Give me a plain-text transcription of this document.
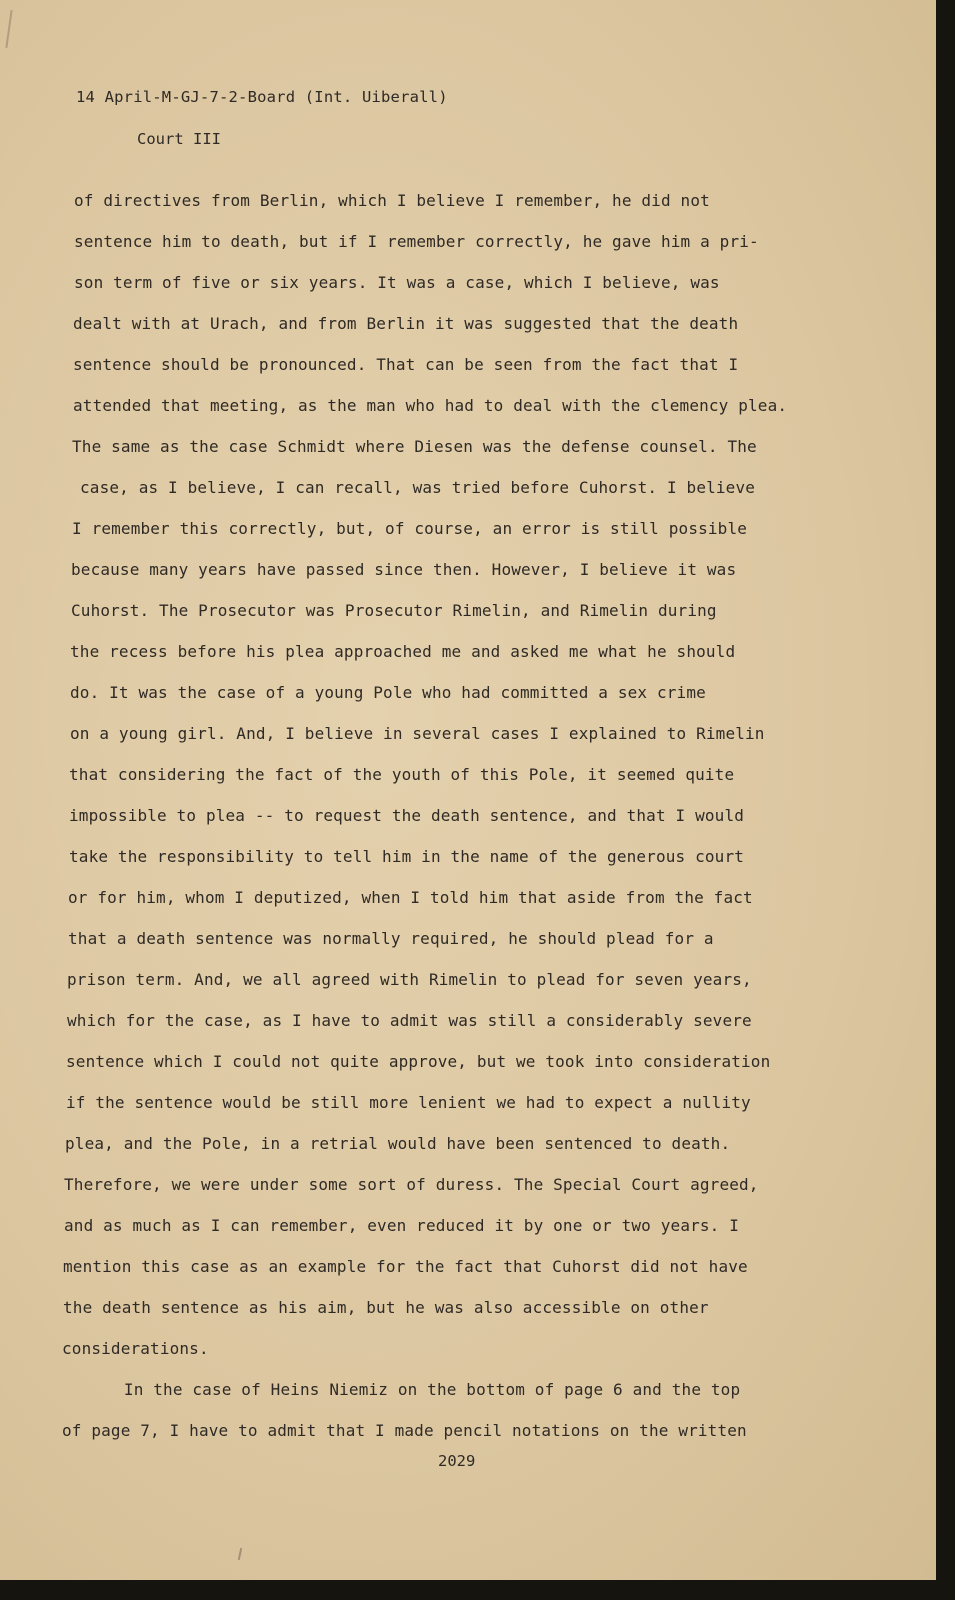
14 April-M-GJ-7-2-Board (Int. Uiberall)
Court III
of directives from Berlin, which I believe I remember, he did not
sentence him to death, but if I remember correctly, he gave him a pri-
son term of five or six years. It was a case, which I believe, was
dealt with at Urach, and from Berlin it was suggested that the death
sentence should be pronounced. That can be seen from the fact that I
attended that meeting, as the man who had to deal with the clemency plea.
The same as the case Schmidt where Diesen was the defense counsel. The
case, as I believe, I can recall, was tried before Cuhorst. I believe
I remember this correctly, but, of course, an error is still possible
because many years have passed since then. However, I believe it was
Cuhorst. The Prosecutor was Prosecutor Rimelin, and Rimelin during
the recess before his plea approached me and asked me what he should
do. It was the case of a young Pole who had committed a sex crime
on a young girl. And, I believe in several cases I explained to Rimelin
that considering the fact of the youth of this Pole, it seemed quite
impossible to plea -- to request the death sentence, and that I would
take the responsibility to tell him in the name of the generous court
or for him, whom I deputized, when I told him that aside from the fact
that a death sentence was normally required, he should plead for a
prison term. And, we all agreed with Rimelin to plead for seven years,
which for the case, as I have to admit was still a considerably severe
sentence which I could not quite approve, but we took into consideration
if the sentence would be still more lenient we had to expect a nullity
plea, and the Pole, in a retrial would have been sentenced to death.
Therefore, we were under some sort of duress. The Special Court agreed,
and as much as I can remember, even reduced it by one or two years. I
mention this case as an example for the fact that Cuhorst did not have
the death sentence as his aim, but he was also accessible on other
considerations.
In the case of Heins Niemiz on the bottom of page 6 and the top
of page 7, I have to admit that I made pencil notations on the written
2029
